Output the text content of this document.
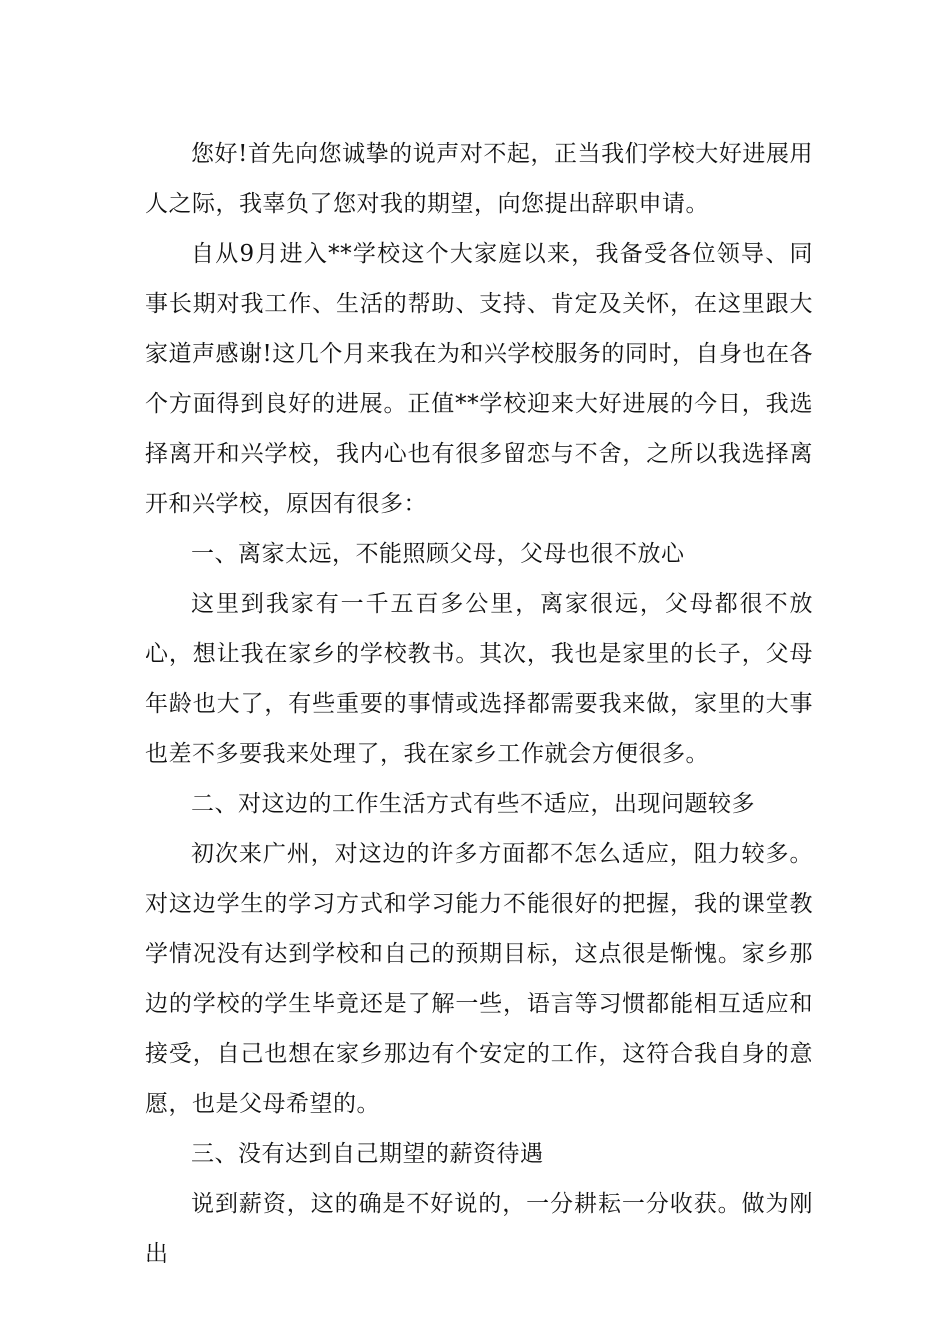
您好!首先向您诚挚的说声对不起，正当我们学校大好进展用人之际，我辜负了您对我的期望，向您提出辞职申请。

自从9月进入**学校这个大家庭以来，我备受各位领导、同事长期对我工作、生活的帮助、支持、肯定及关怀，在这里跟大家道声感谢!这几个月来我在为和兴学校服务的同时，自身也在各个方面得到良好的进展。正值**学校迎来大好进展的今日，我选择离开和兴学校，我内心也有很多留恋与不舍，之所以我选择离开和兴学校，原因有很多：

一、离家太远，不能照顾父母，父母也很不放心

这里到我家有一千五百多公里，离家很远，父母都很不放心，想让我在家乡的学校教书。其次，我也是家里的长子，父母年龄也大了，有些重要的事情或选择都需要我来做，家里的大事也差不多要我来处理了，我在家乡工作就会方便很多。

二、对这边的工作生活方式有些不适应，出现问题较多

初次来广州，对这边的许多方面都不怎么适应，阻力较多。对这边学生的学习方式和学习能力不能很好的把握，我的课堂教学情况没有达到学校和自己的预期目标，这点很是惭愧。家乡那边的学校的学生毕竟还是了解一些，语言等习惯都能相互适应和接受，自己也想在家乡那边有个安定的工作，这符合我自身的意愿，也是父母希望的。

三、没有达到自己期望的薪资待遇

说到薪资，这的确是不好说的，一分耕耘一分收获。做为刚出
